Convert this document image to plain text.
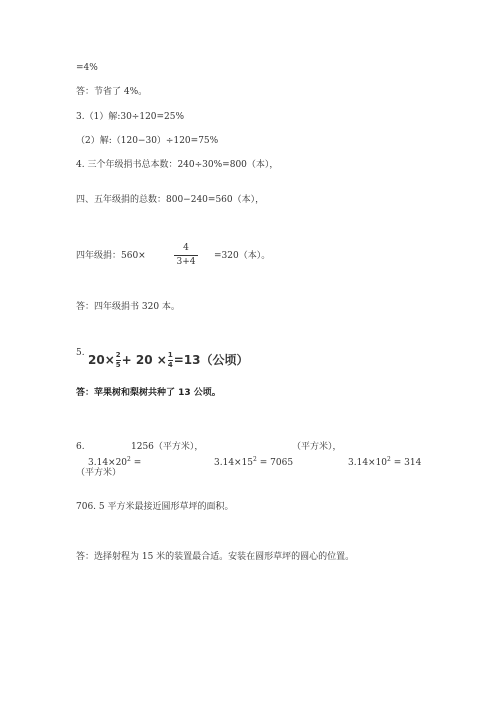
=4%
答：节省了 4%。
3.（1）解:30÷120=25%
（2）解:（120−30）÷120=75%
4. 三个年级捐书总本数：240÷30%=800（本），
四、五年级捐的总数：800−240=560（本），
四年级捐：560×
4
3+4
=320（本）。
答：四年级捐书 320 本。
5. $20\times \frac{2}{5} + 20 \times \frac{1}{4} =13$（公顷）
答：苹果树和梨树共种了 13 公顷。
6.	1256（平方米），	（平方米），
$3.14\times 20^2$ =	$3.14\times 15^2 = 7065$	$3.14\times 10^2 = 314$
（平方米）
706. 5 平方米最接近圆形草坪的面积。
答：选择射程为 15 米的装置最合适。安装在圆形草坪的圆心的位置。
